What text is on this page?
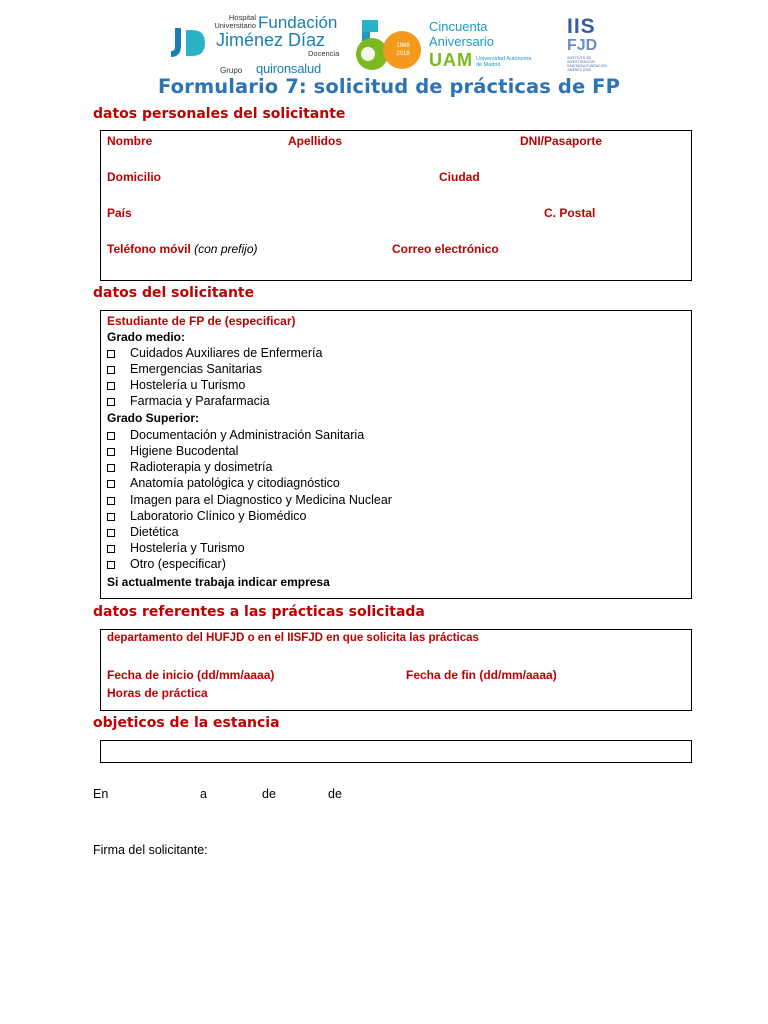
Hospital
Universitario Fundación
Jiménez Díaz
Docencia
Grupo quironsalud
1968
2018
Cincuenta
Aniversario
UAM Universidad Autónoma
de Madrid
IIS
FJD
INSTITUTO DE INVESTIGACIÓN SANITARIA FUNDACIÓN JIMÉNEZ DÍAZ
Formulario 7: solicitud de prácticas de FP
datos personales del solicitante
Nombre	Apellidos	DNI/Pasaporte
Domicilio	Ciudad
País	C. Postal
Teléfono móvil (con prefijo)	Correo electrónico
datos del solicitante
Estudiante de FP de (especificar)
Grado medio:
Cuidados Auxiliares de Enfermería
Emergencias Sanitarias
Hostelería u Turismo
Farmacia y Parafarmacia
Grado Superior:
Documentación y Administración Sanitaria
Higiene Bucodental
Radioterapia y dosimetría
Anatomía patológica y citodiagnóstico
Imagen para el Diagnostico y Medicina Nuclear
Laboratorio Clínico y Biomédico
Dietética
Hostelería y Turismo
Otro (especificar)
Si actualmente trabaja indicar empresa
datos referentes a las prácticas solicitada
departamento del HUFJD o en el IISFJD en que solicita las prácticas
Fecha de inicio (dd/mm/aaaa)	Fecha de fin (dd/mm/aaaa)
Horas de práctica
objeticos de la estancia
En	a	de	de
Firma del solicitante:
